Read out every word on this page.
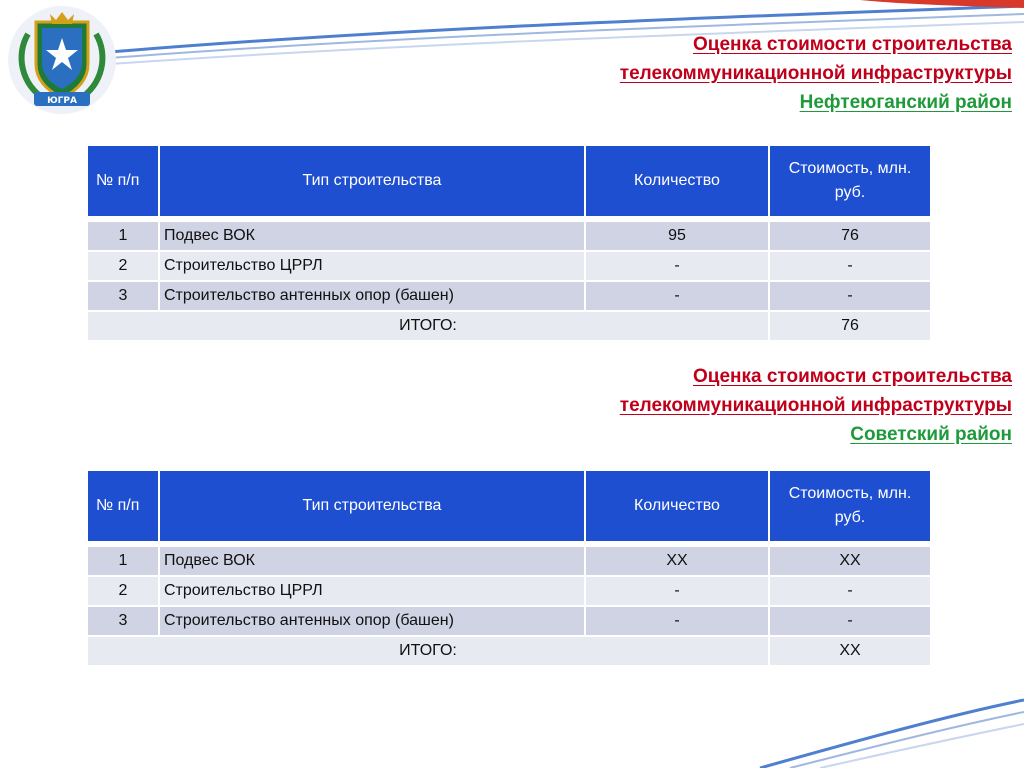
ЮГРА
Оценка стоимости строительства
телекоммуникационной инфраструктуры
Нефтеюганский район
№ п/п	Тип строительства	Количество	Стоимость, млн. руб.

1	Подвес ВОК	95	76
2	Строительство ЦРРЛ	-	-
3	Строительство антенных опор (башен)	-	-
ИТОГО:			76
Оценка стоимости строительства
телекоммуникационной инфраструктуры
Советский район
№ п/п	Тип строительства	Количество	Стоимость, млн. руб.

1	Подвес ВОК	ХХ	ХХ
2	Строительство ЦРРЛ	-	-
3	Строительство антенных опор (башен)	-	-
ИТОГО:			ХХ
